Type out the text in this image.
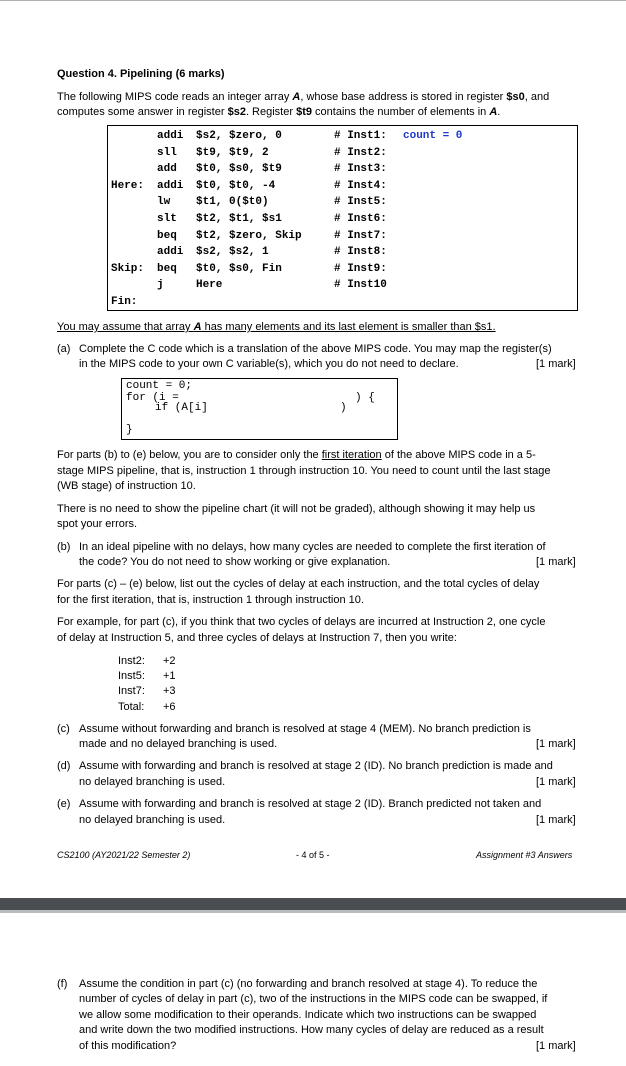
Question 4. Pipelining (6 marks)
The following MIPS code reads an integer array A, whose base address is stored in register $s0, and
computes some answer in register $s2. Register $t9 contains the number of elements in A.
addi $s2, $zero, 0	# Inst1: count = 0
sll $t9, $t9, 2	# Inst2:
add $t0, $s0, $t9	# Inst3:
Here: addi $t0, $t0, -4	# Inst4:
lw $t1, 0($t0)	# Inst5:
slt $t2, $t1, $s1	# Inst6:
beq $t2, $zero, Skip	# Inst7:
addi $s2, $s2, 1	# Inst8:
Skip: beq $t0, $s0, Fin	# Inst9:
j	Here	# Inst10
Fin:
You may assume that array A has many elements and its last element is smaller than $s1.
(a) Complete the C code which is a translation of the above MIPS code. You may map the register(s)
in the MIPS code to your own C variable(s), which you do not need to declare.	[1 mark]
count = 0;
for (i =	) {
if (A[i]	)
}
For parts (b) to (e) below, you are to consider only the first iteration of the above MIPS code in a 5-
stage MIPS pipeline, that is, instruction 1 through instruction 10. You need to count until the last stage
(WB stage) of instruction 10.
There is no need to show the pipeline chart (it will not be graded), although showing it may help us
spot your errors.
(b) In an ideal pipeline with no delays, how many cycles are needed to complete the first iteration of
the code? You do not need to show working or give explanation.	[1 mark]
For parts (c) – (e) below, list out the cycles of delay at each instruction, and the total cycles of delay
for the first iteration, that is, instruction 1 through instruction 10.
For example, for part (c), if you think that two cycles of delays are incurred at Instruction 2, one cycle
of delay at Instruction 5, and three cycles of delays at Instruction 7, then you write:
Inst2: +2
Inst5: +1
Inst7: +3
Total: +6
(c) Assume without forwarding and branch is resolved at stage 4 (MEM). No branch prediction is
made and no delayed branching is used.	[1 mark]
(d) Assume with forwarding and branch is resolved at stage 2 (ID). No branch prediction is made and
no delayed branching is used.	[1 mark]
(e) Assume with forwarding and branch is resolved at stage 2 (ID). Branch predicted not taken and
no delayed branching is used.	[1 mark]
CS2100 (AY2021/22 Semester 2)	- 4 of 5 -	Assignment #3 Answers
(f) Assume the condition in part (c) (no forwarding and branch resolved at stage 4). To reduce the
number of cycles of delay in part (c), two of the instructions in the MIPS code can be swapped, if
we allow some modification to their operands. Indicate which two instructions can be swapped
and write down the two modified instructions. How many cycles of delay are reduced as a result
of this modification?	[1 mark]
